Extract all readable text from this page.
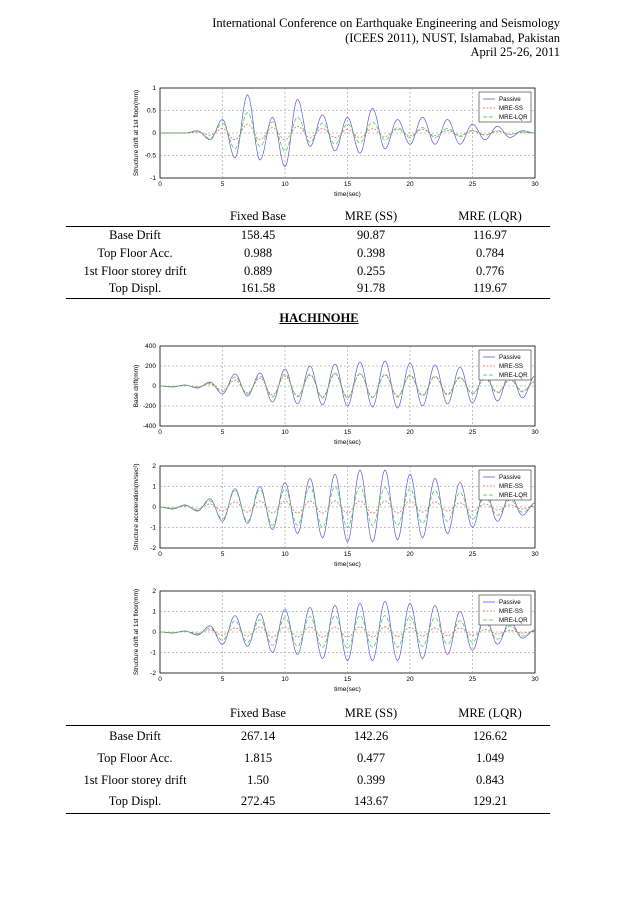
International Conference on Earthquake Engineering and Seismology
(ICEES 2011), NUST, Islamabad, Pakistan
April 25-26, 2011
0	5	10	15	20	25	30
-1
-0.5
0
0.5
1
time(sec)
Structure drift at 1st floor(mm)	Passive
MRE-SS
MRE-LQR
	Fixed Base	MRE (SS)	MRE (LQR)
Base Drift	158.45	90.87	116.97
Top Floor Acc.	0.988	0.398	0.784
1st Floor storey drift	0.889	0.255	0.776
Top Displ.	161.58	91.78	119.67
HACHINOHE
0	5	10	15	20	25	30
-400
-200
0
200
400
time(sec)
Base drift(mm)
Passive
MRE-SS
MRE-LQR
0	5	10	15	20	25	30
-2
-1
0
1
2
time(sec)
Structure acceleration(m/sec²)	Passive
MRE-SS
MRE-LQR
0	5	10	15	20	25	30
-2
-1
0
1
2
time(sec)
Structure drift at 1st floor(mm)	Passive
MRE-SS
MRE-LQR
	Fixed Base	MRE (SS)	MRE (LQR)
Base Drift	267.14	142.26	126.62
Top Floor Acc.	1.815	0.477	1.049
1st Floor storey drift	1.50	0.399	0.843
Top Displ.	272.45	143.67	129.21
